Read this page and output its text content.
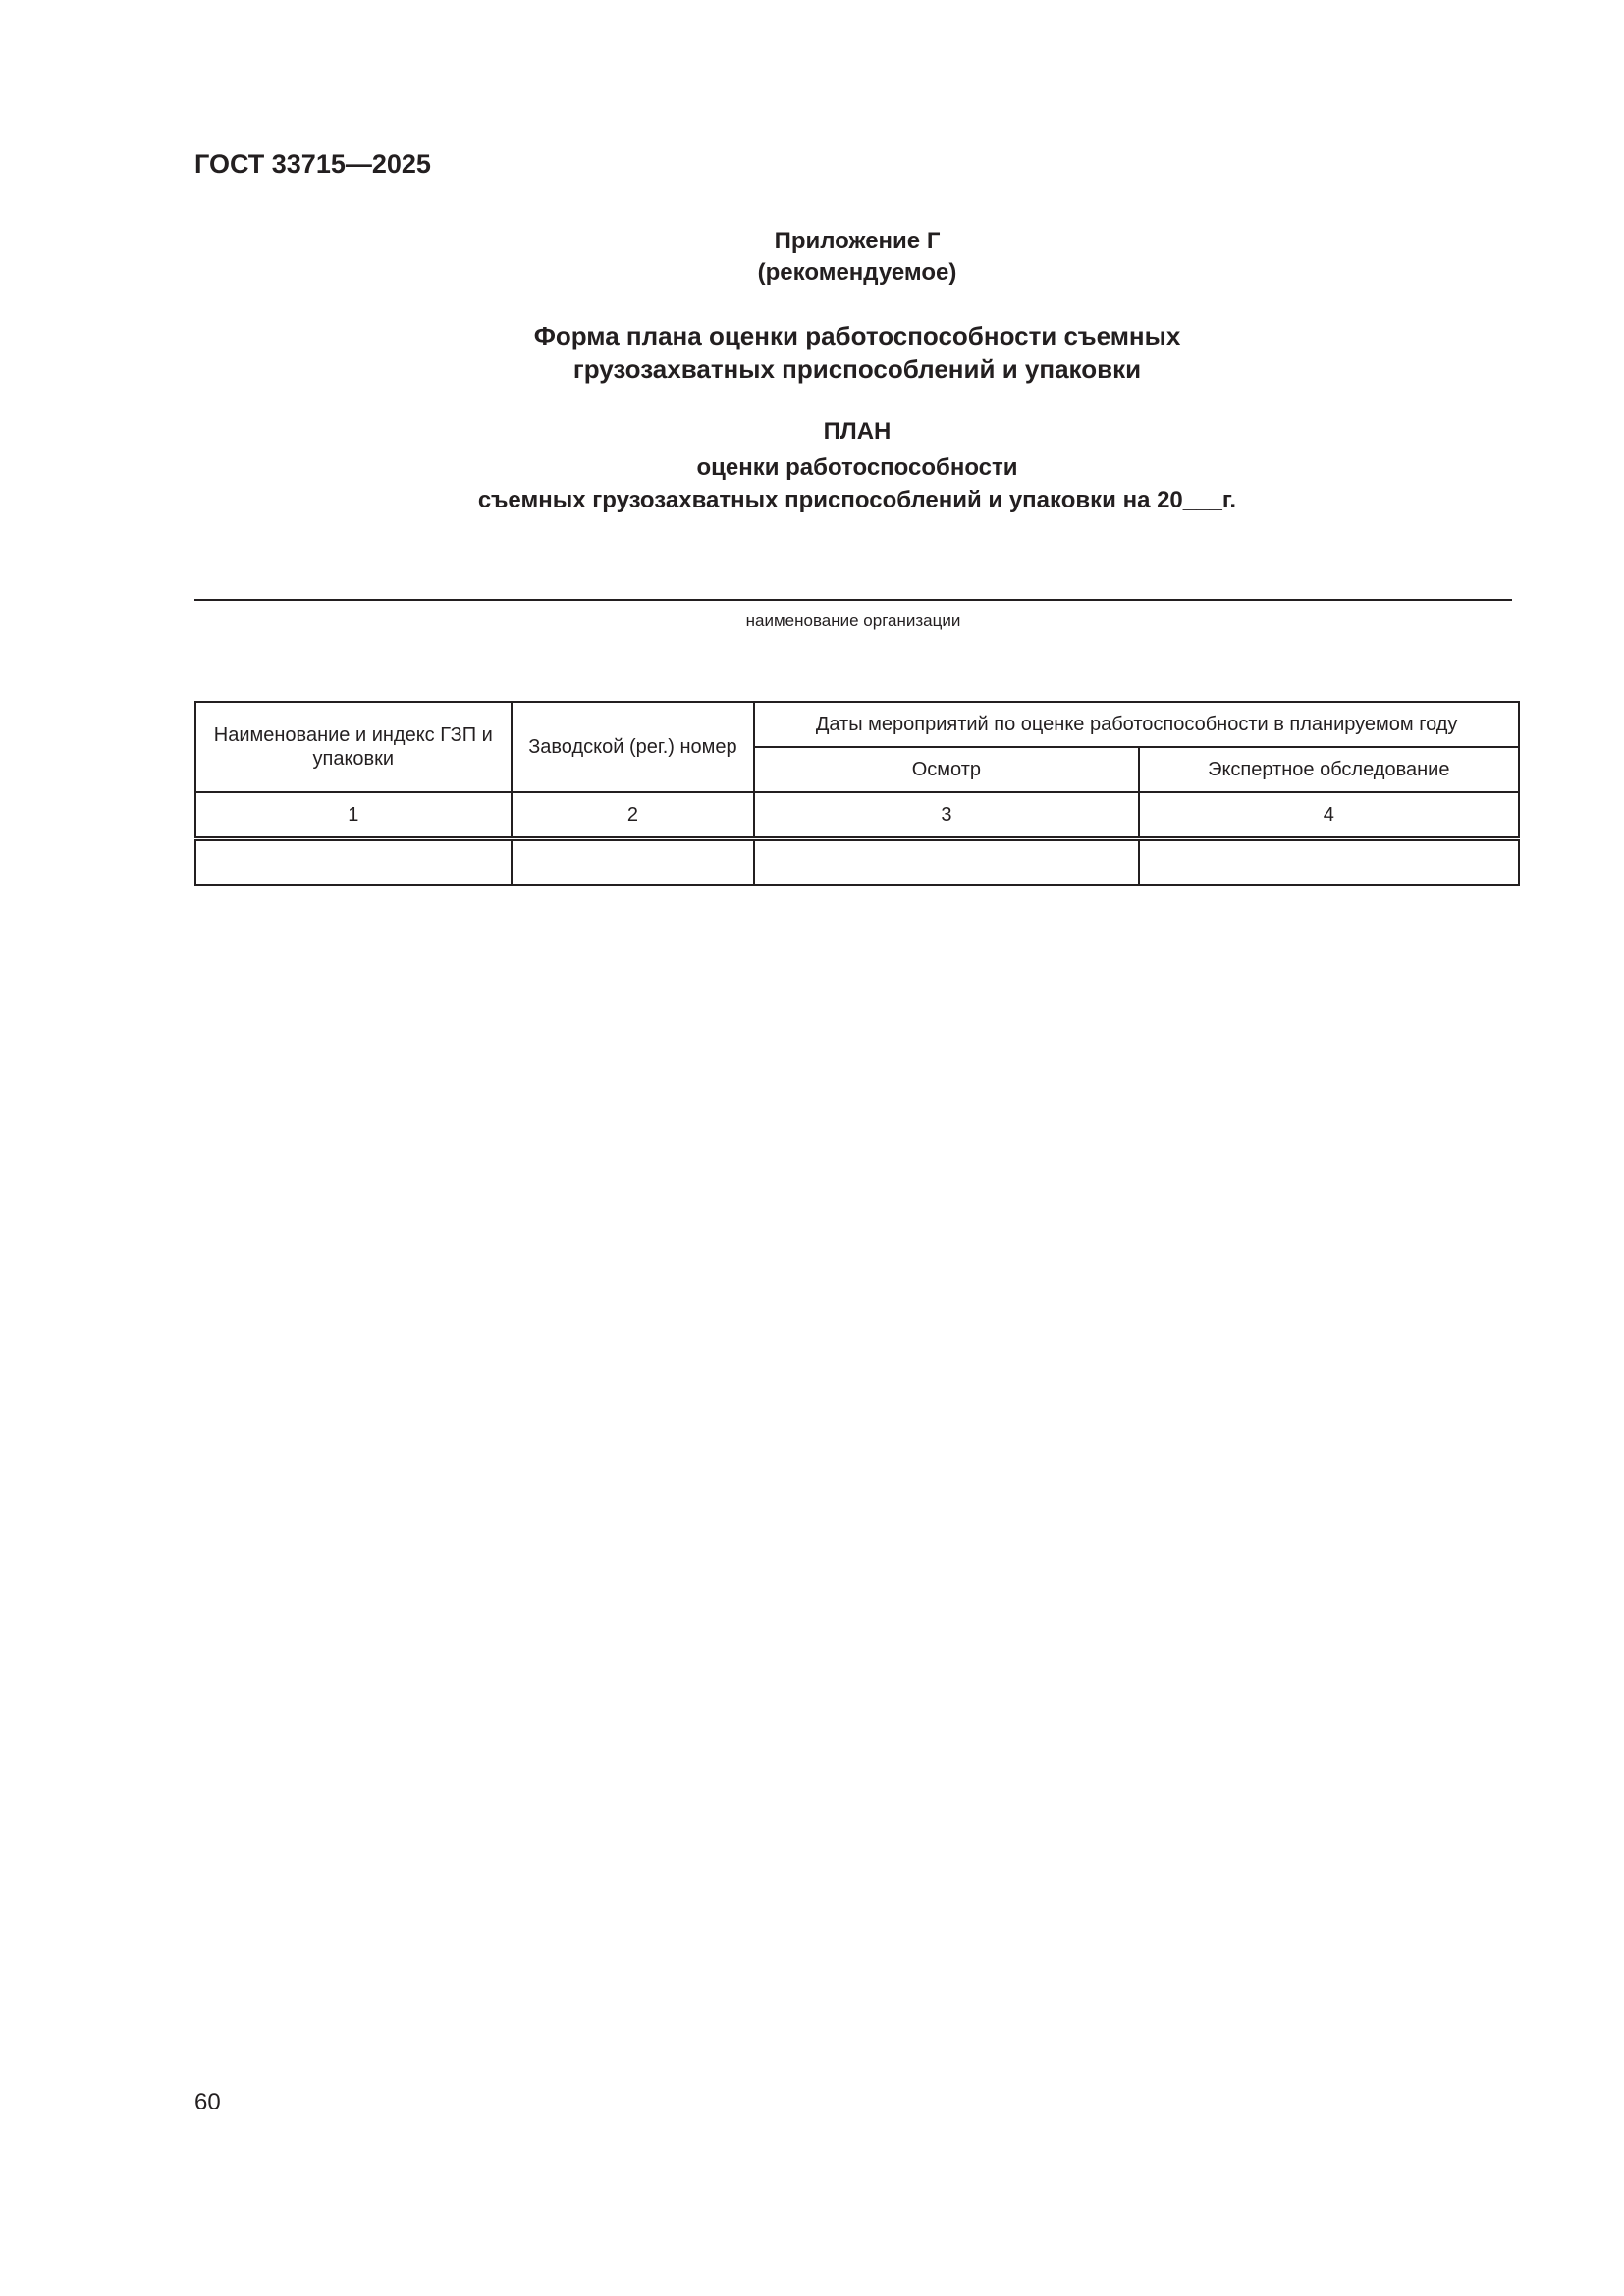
ГОСТ 33715—2025
Приложение Г
(рекомендуемое)
Форма плана оценки работоспособности съемных
грузозахватных приспособлений и упаковки
ПЛАН
оценки работоспособности
съемных грузозахватных приспособлений и упаковки на 20___г.
наименование организации
Наименование и индекс ГЗП и упаковки	Заводской (рег.) номер	Даты мероприятий по оценке работоспособности в планируемом году	
		Осмотр	Экспертное обследование
1	2	3	4

60
